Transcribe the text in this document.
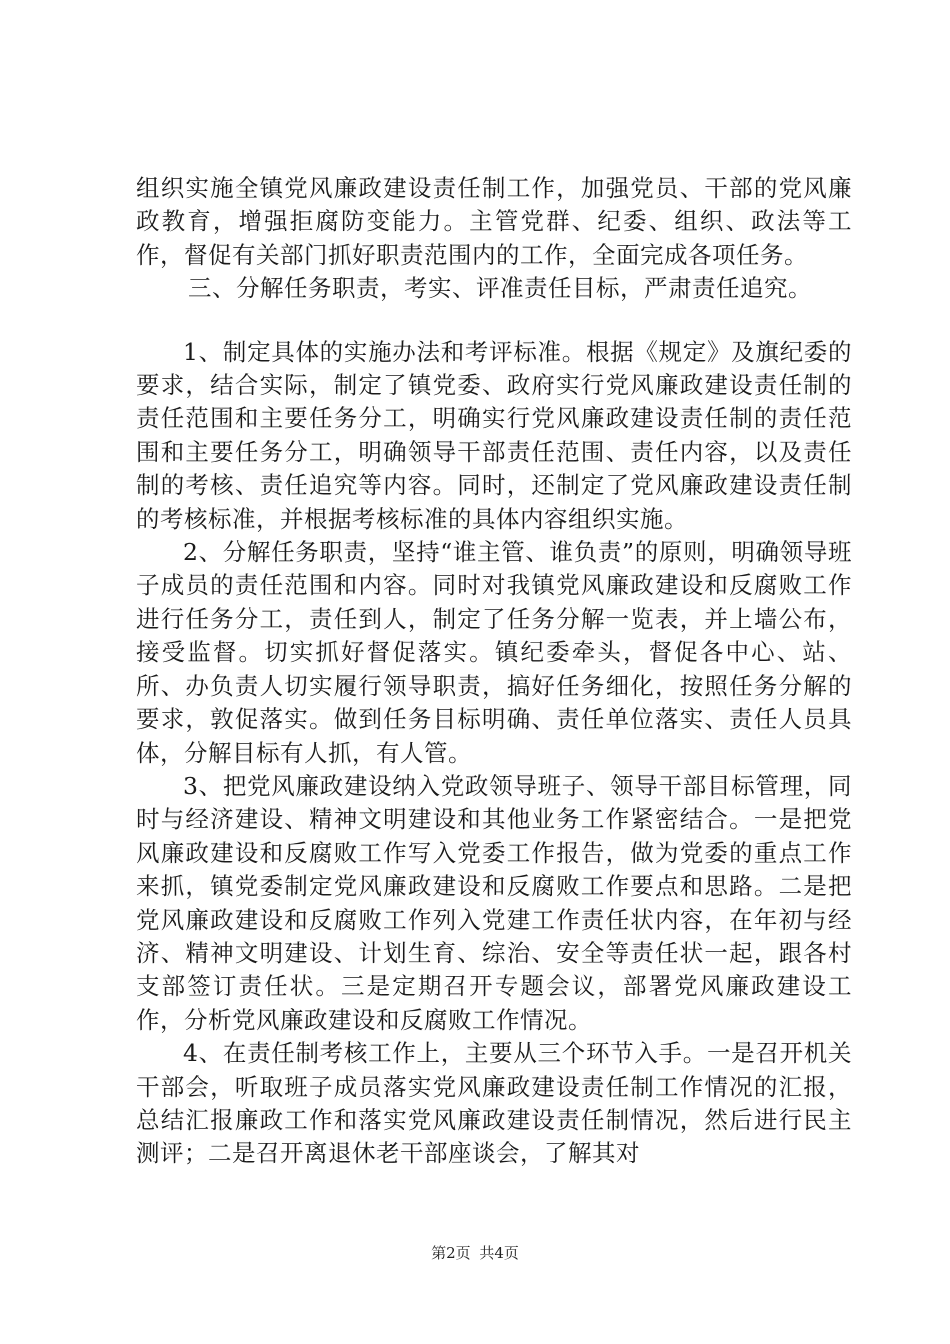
组织实施全镇党风廉政建设责任制工作，加强党员、干部的党风廉政教育，增强拒腐防变能力。主管党群、纪委、组织、政法等工作，督促有关部门抓好职责范围内的工作，全面完成各项任务。

三、分解任务职责，考实、评准责任目标，严肃责任追究。

1、制定具体的实施办法和考评标准。根据《规定》及旗纪委的要求，结合实际，制定了镇党委、政府实行党风廉政建设责任制的责任范围和主要任务分工，明确实行党风廉政建设责任制的责任范围和主要任务分工，明确领导干部责任范围、责任内容，以及责任制的考核、责任追究等内容。同时，还制定了党风廉政建设责任制的考核标准，并根据考核标准的具体内容组织实施。

2、分解任务职责，坚持“谁主管、谁负责”的原则，明确领导班子成员的责任范围和内容。同时对我镇党风廉政建设和反腐败工作进行任务分工，责任到人，制定了任务分解一览表，并上墙公布，接受监督。切实抓好督促落实。镇纪委牵头，督促各中心、站、所、办负责人切实履行领导职责，搞好任务细化，按照任务分解的要求，敦促落实。做到任务目标明确、责任单位落实、责任人员具体，分解目标有人抓，有人管。

3、把党风廉政建设纳入党政领导班子、领导干部目标管理，同时与经济建设、精神文明建设和其他业务工作紧密结合。一是把党风廉政建设和反腐败工作写入党委工作报告，做为党委的重点工作来抓，镇党委制定党风廉政建设和反腐败工作要点和思路。二是把党风廉政建设和反腐败工作列入党建工作责任状内容，在年初与经济、精神文明建设、计划生育、综治、安全等责任状一起，跟各村支部签订责任状。三是定期召开专题会议，部署党风廉政建设工作，分析党风廉政建设和反腐败工作情况。

4、在责任制考核工作上，主要从三个环节入手。一是召开机关干部会，听取班子成员落实党风廉政建设责任制工作情况的汇报，总结汇报廉政工作和落实党风廉政建设责任制情况，然后进行民主测评；二是召开离退休老干部座谈会，了解其对

第2页 共4页
